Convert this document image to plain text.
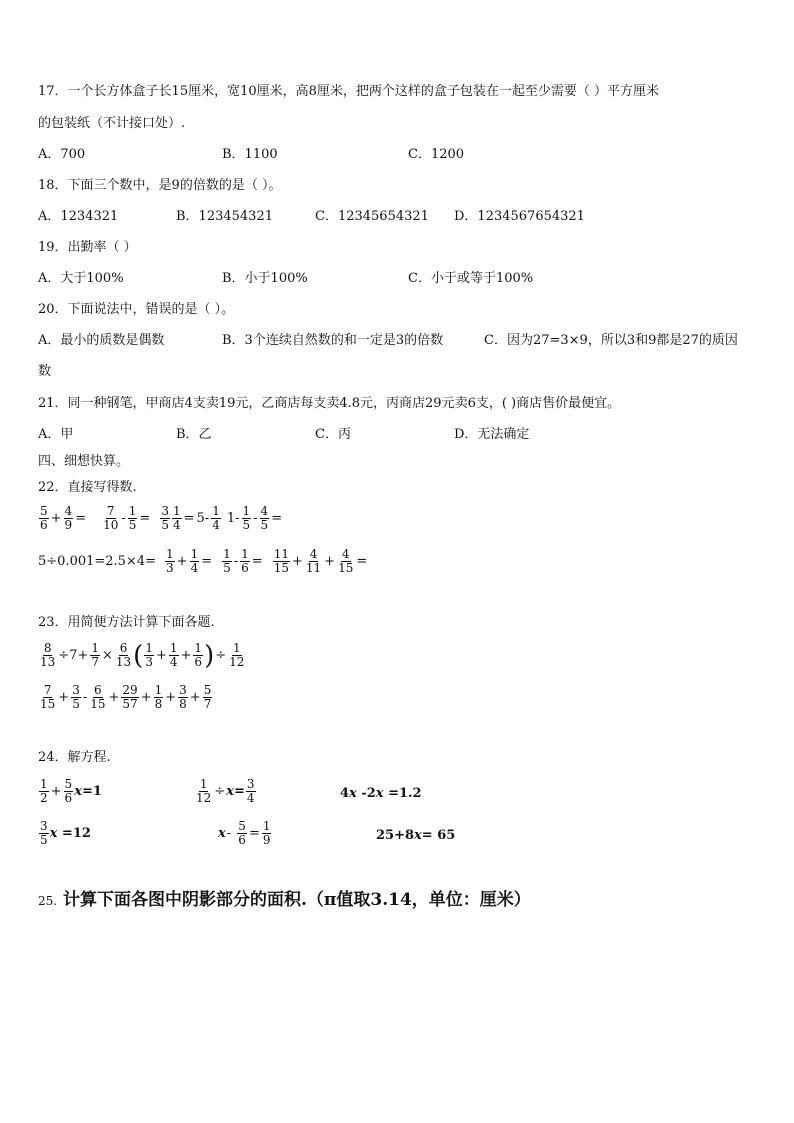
17．一个长方体盒子长15厘米，宽10厘米，高8厘米，把两个这样的盒子包装在一起至少需要（ ）平方厘米
的包装纸（不计接口处）.
A．700	B．1100	C．1200
18．下面三个数中，是9的倍数的是（ ）。
A．1234321	B．123454321	C．12345654321 D．1234567654321
19．出勤率（ ）
A．大于100%	B．小于100%	C．小于或等于100%
20．下面说法中，错误的是（ ）。
A．最小的质数是偶数	B．3个连续自然数的和一定是3的倍数	C．因为27=3×9，所以3和9都是27的质因
数
21．同一种钢笔，甲商店4支卖19元，乙商店每支卖4.8元，丙商店29元卖6支，( )商店售价最便宜。
A．甲	B．乙	C．丙	D．无法确定
四、细想快算。
22．直接写得数.
$\frac{5}{6} + \frac{4}{9} = \frac{7}{10} - \frac{1}{5} = \frac{3}{5} \frac{1}{4} = 5- \frac{1}{4} 1- \frac{1}{5} - \frac{4}{5}$ =
$5\div 0.001= 2.5\times 4= \frac{1}{3} + \frac{1}{4} = \frac{1}{5} - \frac{1}{6} = \frac{11}{15} + \frac{4}{11} + \frac{4}{15}$ =
23．用简便方法计算下面各题.
$\frac{8}{13} \div 7+ \frac{1}{7} \times \frac{6}{13}$ ( $\frac{1}{3} + \frac{1}{4} + \frac{1}{6}$ ) ÷ $\frac{1}{12}$
$\frac{7}{15} + \frac{3}{5} - \frac{6}{15} + \frac{29}{57} + \frac{1}{8} + \frac{3}{8} + \frac{5}{7}$
24．解方程.
$\frac{1}{2} + \frac{5}{6}$ x =1	$\frac{1}{12} \div x = \frac{3}{4}$	4 x -2 x =1.2
$\frac{3}{5}$ x =12	$x - \frac{5}{6} = \frac{1}{9}$	25+8 x = 65
25. 计算下面各图中阴影部分的面积.（π值取3.14，单位：厘米）
